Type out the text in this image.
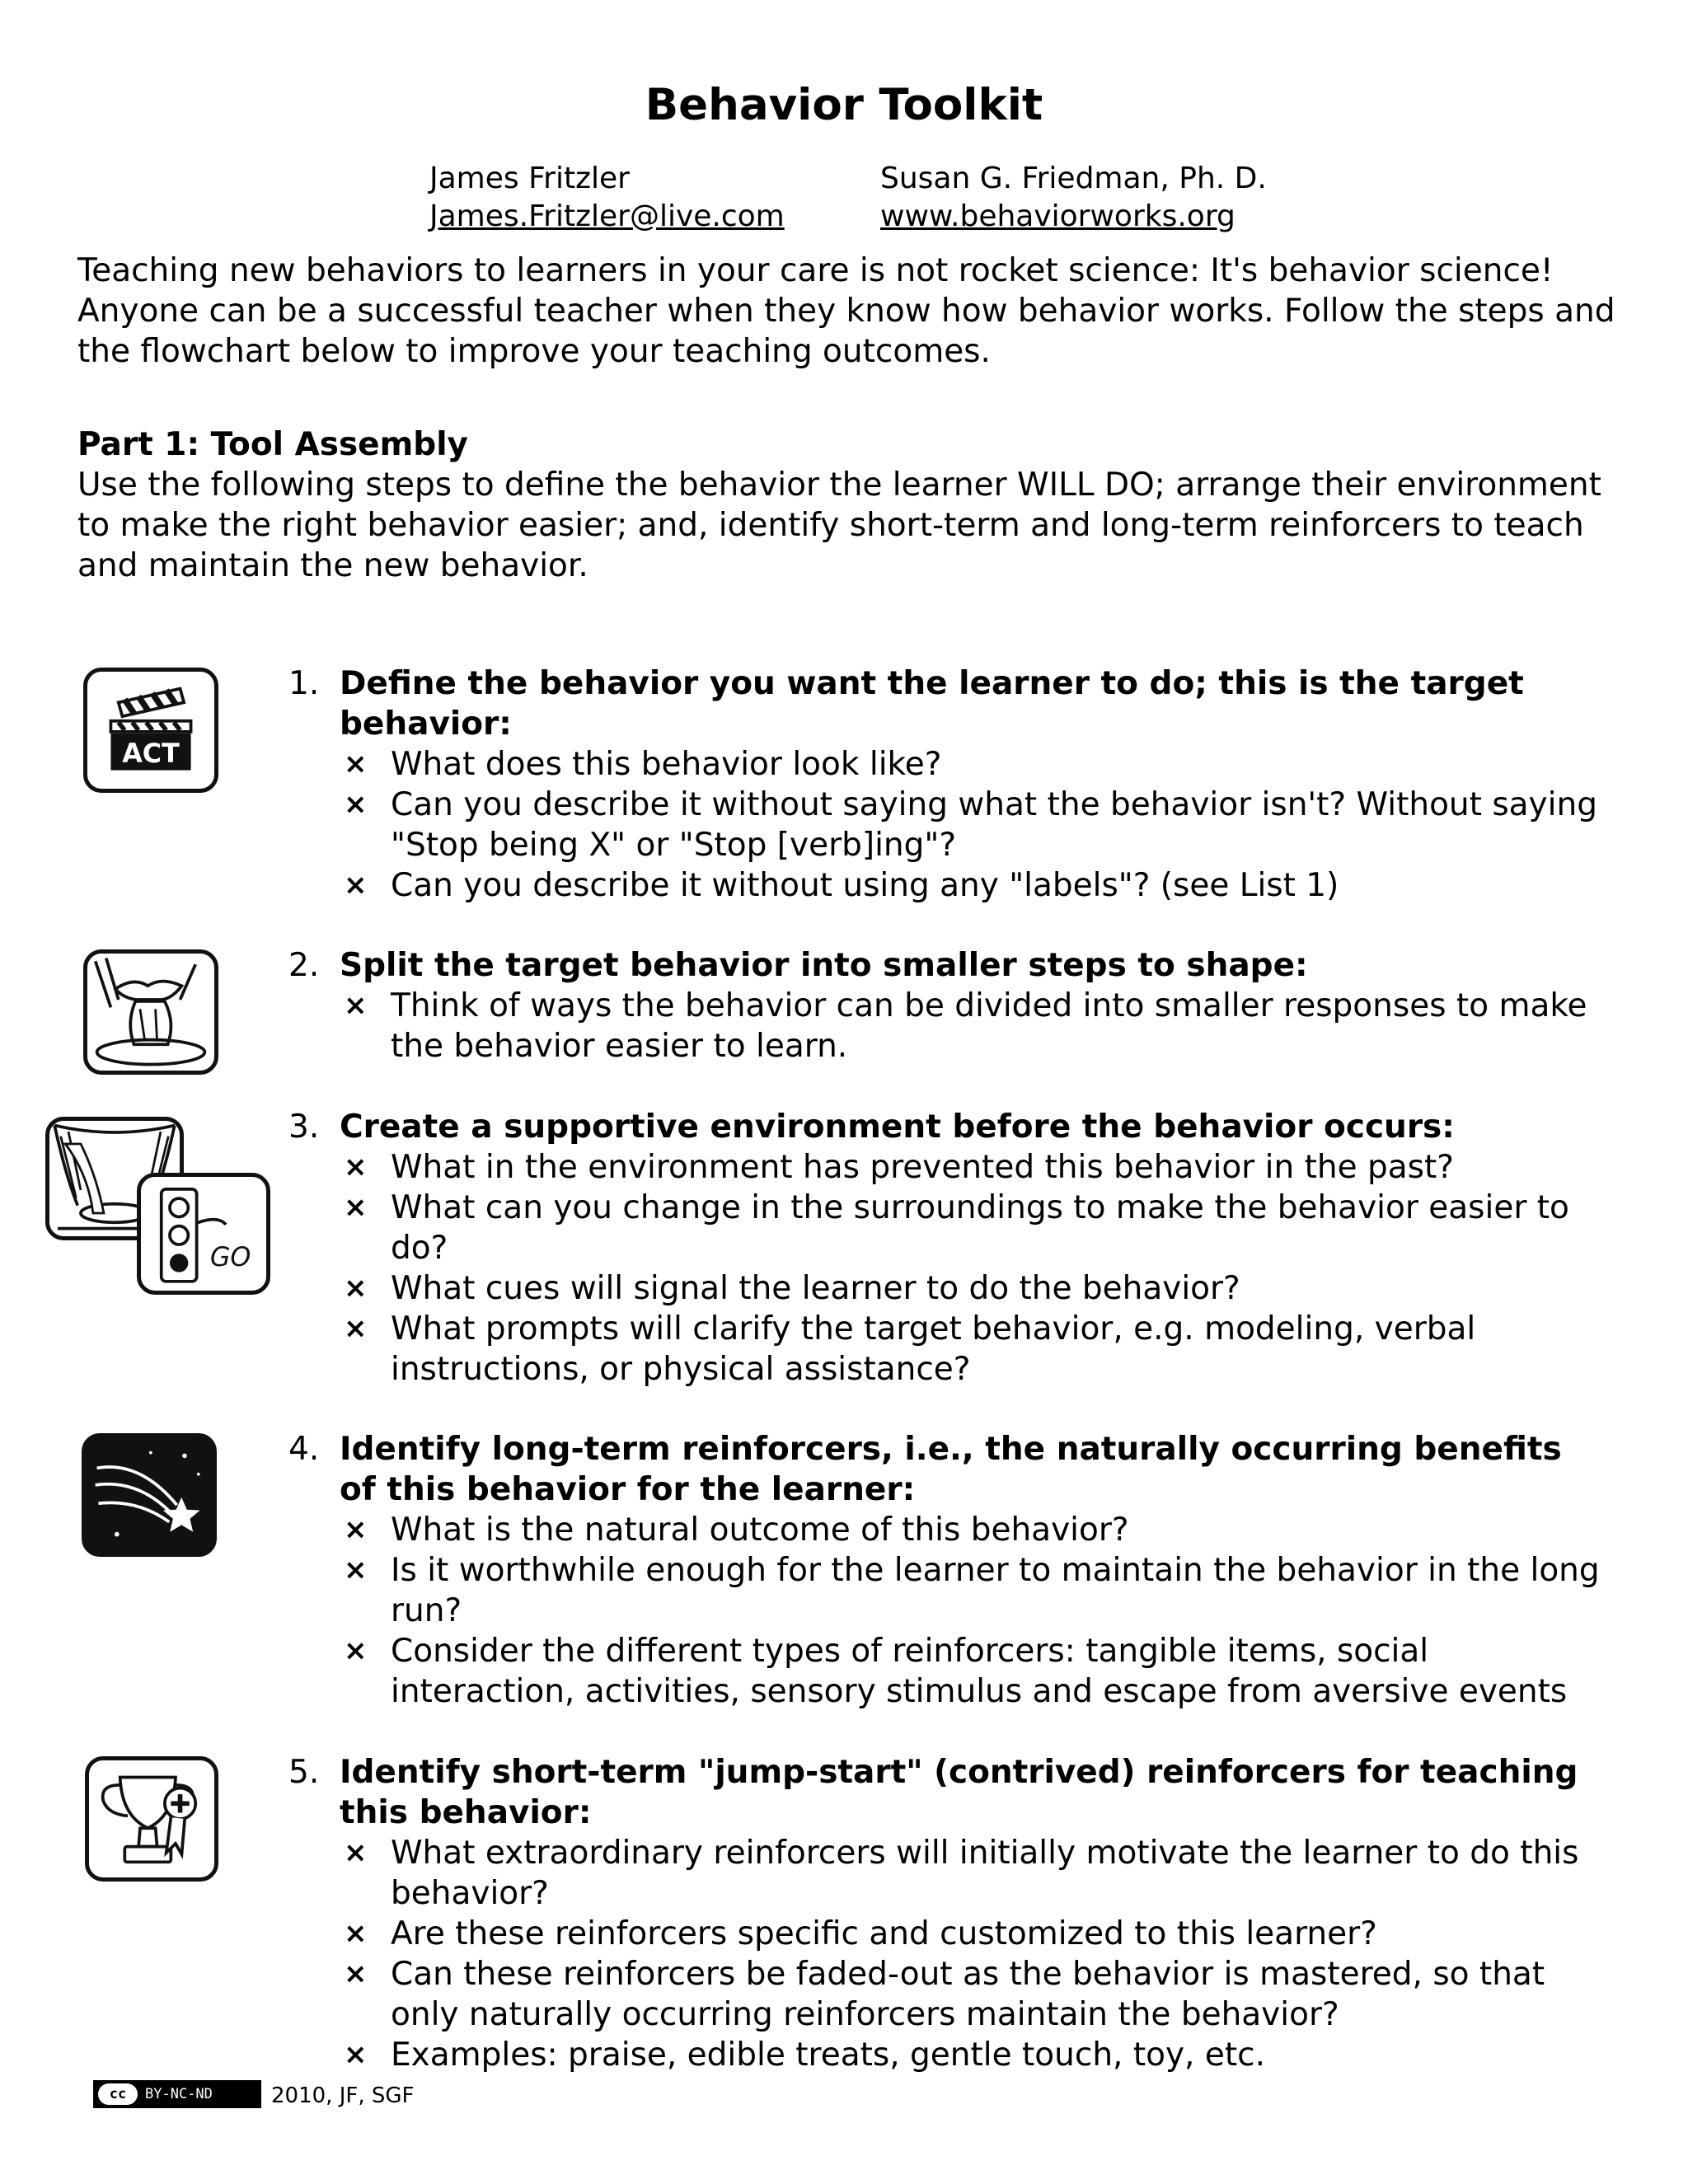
Behavior Toolkit
James Fritzler
James.Fritzler@live.com
Susan G. Friedman, Ph. D.
www.behaviorworks.org
Teaching new behaviors to learners in your care is not rocket science: It's behavior science! Anyone can be a successful teacher when they know how behavior works. Follow the steps and the flowchart below to improve your teaching outcomes.
Part 1: Tool Assembly
Use the following steps to define the behavior the learner WILL DO; arrange their environment to make the right behavior easier; and, identify short-term and long-term reinforcers to teach and maintain the new behavior.
ACT
GO
1. Define the behavior you want the learner to do; this is the target behavior:
× What does this behavior look like?
× Can you describe it without saying what the behavior isn't? Without saying "Stop being X" or "Stop [verb]ing"?
× Can you describe it without using any "labels"? (see List 1)
2. Split the target behavior into smaller steps to shape:
× Think of ways the behavior can be divided into smaller responses to make the behavior easier to learn.
3. Create a supportive environment before the behavior occurs:
× What in the environment has prevented this behavior in the past?
× What can you change in the surroundings to make the behavior easier to do?
× What cues will signal the learner to do the behavior?
× What prompts will clarify the target behavior, e.g. modeling, verbal instructions, or physical assistance?
4. Identify long-term reinforcers, i.e., the naturally occurring benefits of this behavior for the learner:
× What is the natural outcome of this behavior?
× Is it worthwhile enough for the learner to maintain the behavior in the long run?
× Consider the different types of reinforcers: tangible items, social interaction, activities, sensory stimulus and escape from aversive events
5. Identify short-term "jump-start" (contrived) reinforcers for teaching this behavior:
× What extraordinary reinforcers will initially motivate the learner to do this behavior?
× Are these reinforcers specific and customized to this learner?
× Can these reinforcers be faded-out as the behavior is mastered, so that only naturally occurring reinforcers maintain the behavior?
× Examples: praise, edible treats, gentle touch, toy, etc.
cc	BY-NC-ND	2010, JF, SGF
